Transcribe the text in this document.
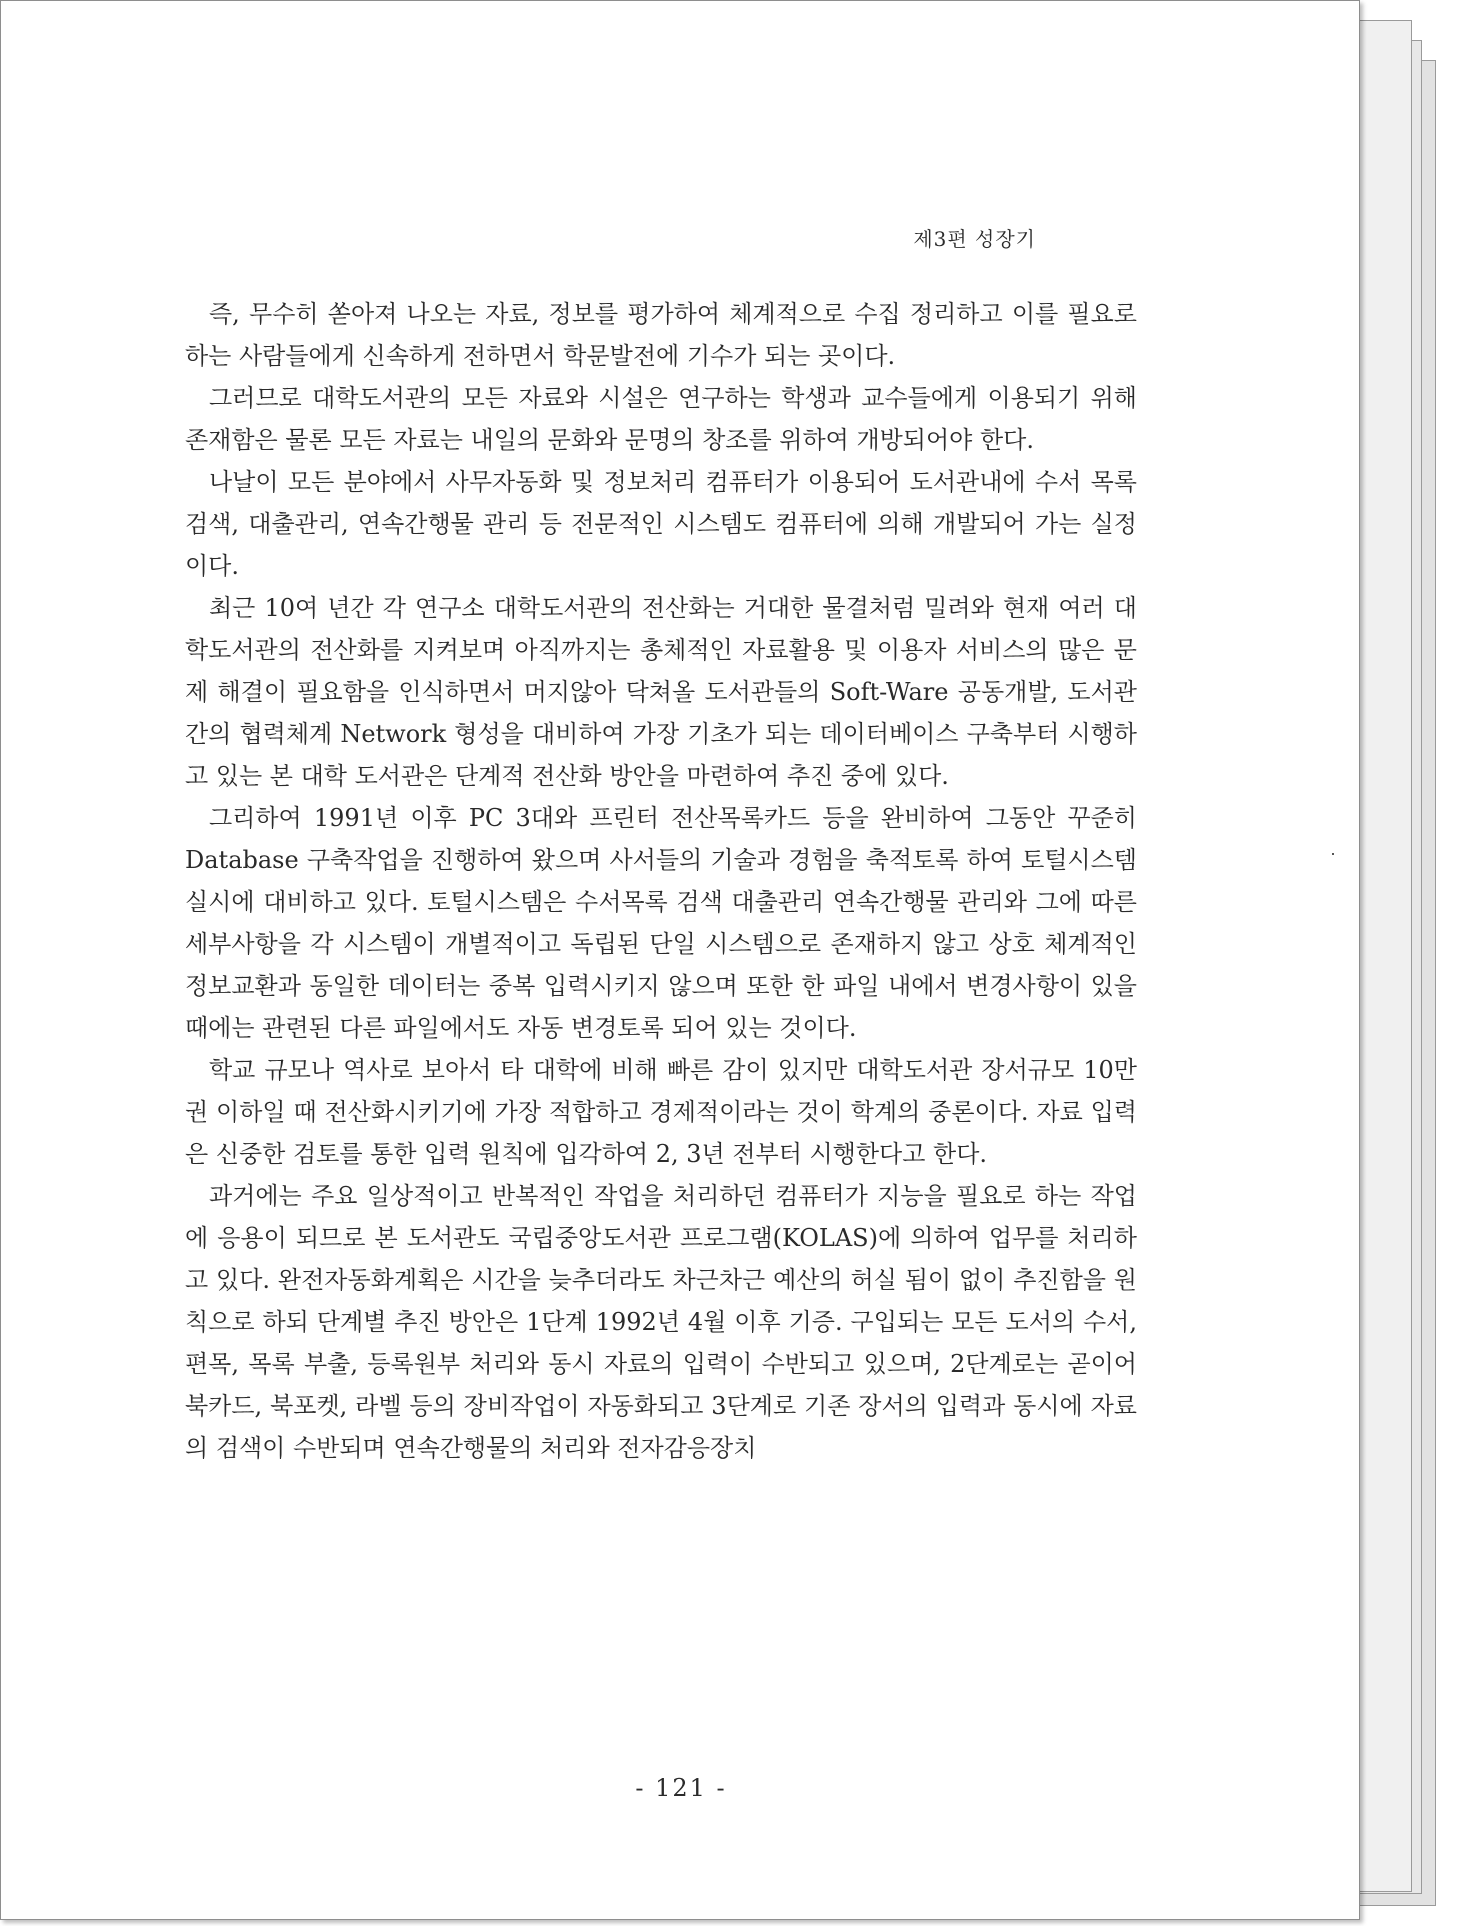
제3편 성장기

즉, 무수히 쏟아져 나오는 자료, 정보를 평가하여 체계적으로 수집 정리하고 이를 필요로 하는 사람들에게 신속하게 전하면서 학문발전에 기수가 되는 곳이다.

그러므로 대학도서관의 모든 자료와 시설은 연구하는 학생과 교수들에게 이용되기 위해 존재함은 물론 모든 자료는 내일의 문화와 문명의 창조를 위하여 개방되어야 한다.

나날이 모든 분야에서 사무자동화 및 정보처리 컴퓨터가 이용되어 도서관내에 수서 목록 검색, 대출관리, 연속간행물 관리 등 전문적인 시스템도 컴퓨터에 의해 개발되어 가는 실정이다.

최근 10여 년간 각 연구소 대학도서관의 전산화는 거대한 물결처럼 밀려와 현재 여러 대학도서관의 전산화를 지켜보며 아직까지는 총체적인 자료활용 및 이용자 서비스의 많은 문제 해결이 필요함을 인식하면서 머지않아 닥쳐올 도서관들의 Soft-Ware 공동개발, 도서관간의 협력체계 Network 형성을 대비하여 가장 기초가 되는 데이터베이스 구축부터 시행하고 있는 본 대학 도서관은 단계적 전산화 방안을 마련하여 추진 중에 있다.

그리하여 1991년 이후 PC 3대와 프린터 전산목록카드 등을 완비하여 그동안 꾸준히 Database 구축작업을 진행하여 왔으며 사서들의 기술과 경험을 축적토록 하여 토털시스템 실시에 대비하고 있다. 토털시스템은 수서목록 검색 대출관리 연속간행물 관리와 그에 따른 세부사항을 각 시스템이 개별적이고 독립된 단일 시스템으로 존재하지 않고 상호 체계적인 정보교환과 동일한 데이터는 중복 입력시키지 않으며 또한 한 파일 내에서 변경사항이 있을 때에는 관련된 다른 파일에서도 자동 변경토록 되어 있는 것이다.

학교 규모나 역사로 보아서 타 대학에 비해 빠른 감이 있지만 대학도서관 장서규모 10만권 이하일 때 전산화시키기에 가장 적합하고 경제적이라는 것이 학계의 중론이다. 자료 입력은 신중한 검토를 통한 입력 원칙에 입각하여 2, 3년 전부터 시행한다고 한다.

과거에는 주요 일상적이고 반복적인 작업을 처리하던 컴퓨터가 지능을 필요로 하는 작업에 응용이 되므로 본 도서관도 국립중앙도서관 프로그램(KOLAS)에 의하여 업무를 처리하고 있다. 완전자동화계획은 시간을 늦추더라도 차근차근 예산의 허실 됨이 없이 추진함을 원칙으로 하되 단계별 추진 방안은 1단계 1992년 4월 이후 기증. 구입되는 모든 도서의 수서, 편목, 목록 부출, 등록원부 처리와 동시 자료의 입력이 수반되고 있으며, 2단계로는 곧이어 북카드, 북포켓, 라벨 등의 장비작업이 자동화되고 3단계로 기존 장서의 입력과 동시에 자료의 검색이 수반되며 연속간행물의 처리와 전자감응장치

- 121 -
